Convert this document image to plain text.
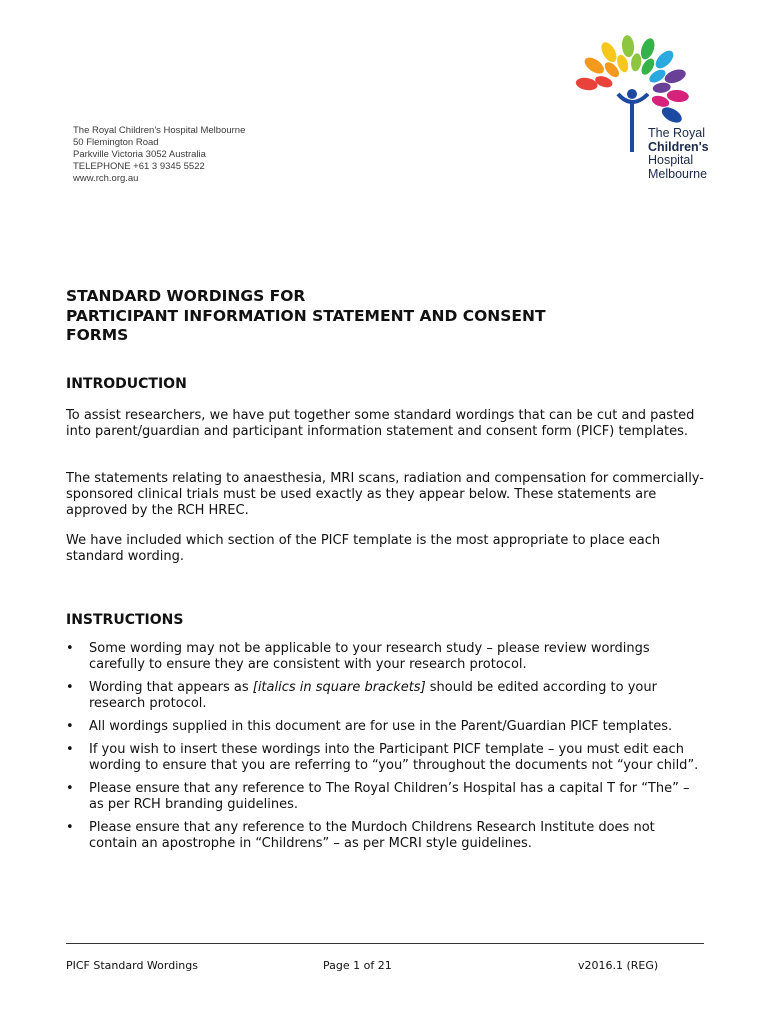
The Royal Children's Hospital Melbourne
50 Flemington Road
Parkville Victoria 3052 Australia
TELEPHONE +61 3 9345 5522
www.rch.org.au
The Royal
Children's
Hospital
Melbourne
STANDARD WORDINGS FOR
PARTICIPANT INFORMATION STATEMENT AND CONSENT
FORMS
INTRODUCTION
To assist researchers, we have put together some standard wordings that can be cut and pasted into parent/guardian and participant information statement and consent form (PICF) templates.
The statements relating to anaesthesia, MRI scans, radiation and compensation for commercially-sponsored clinical trials must be used exactly as they appear below. These statements are approved by the RCH HREC.
We have included which section of the PICF template is the most appropriate to place each standard wording.
INSTRUCTIONS
• Some wording may not be applicable to your research study – please review wordings carefully to ensure they are consistent with your research protocol.
• Wording that appears as [italics in square brackets] should be edited according to your research protocol.
• All wordings supplied in this document are for use in the Parent/Guardian PICF templates.
• If you wish to insert these wordings into the Participant PICF template – you must edit each wording to ensure that you are referring to “you” throughout the documents not “your child”.
• Please ensure that any reference to The Royal Children’s Hospital has a capital T for “The” – as per RCH branding guidelines.
• Please ensure that any reference to the Murdoch Childrens Research Institute does not contain an apostrophe in “Childrens” – as per MCRI style guidelines.
PICF Standard Wordings	Page 1 of 21	v2016.1 (REG)
